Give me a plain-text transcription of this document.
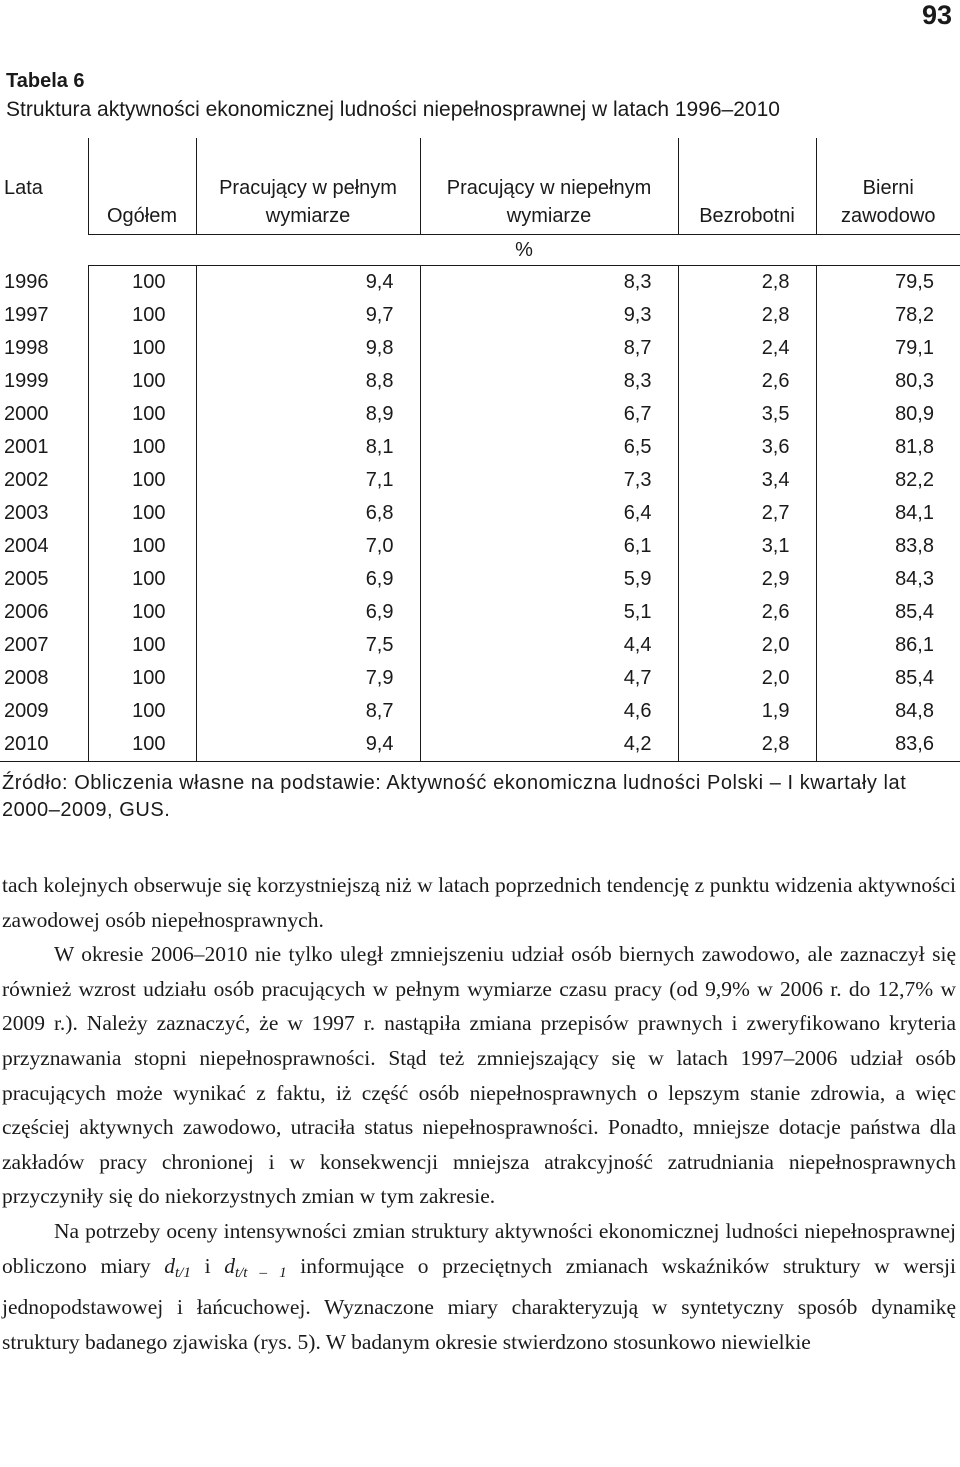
93
Tabela 6
Struktura aktywności ekonomicznej ludności niepełnosprawnej w latach 1996–2010
Lata	Ogółem	Pracujący w pełnym wymiarze	Pracujący w niepełnym wymiarze	Bezrobotni	Bierni zawodowo
	%				
1996	100	9,4	8,3	2,8	79,5
1997	100	9,7	9,3	2,8	78,2
1998	100	9,8	8,7	2,4	79,1
1999	100	8,8	8,3	2,6	80,3
2000	100	8,9	6,7	3,5	80,9
2001	100	8,1	6,5	3,6	81,8
2002	100	7,1	7,3	3,4	82,2
2003	100	6,8	6,4	2,7	84,1
2004	100	7,0	6,1	3,1	83,8
2005	100	6,9	5,9	2,9	84,3
2006	100	6,9	5,1	2,6	85,4
2007	100	7,5	4,4	2,0	86,1
2008	100	7,9	4,7	2,0	85,4
2009	100	8,7	4,6	1,9	84,8
2010	100	9,4	4,2	2,8	83,6
Źródło: Obliczenia własne na podstawie: Aktywność ekonomiczna ludności Polski – I kwartały lat 2000–2009, GUS.

tach kolejnych obserwuje się korzystniejszą niż w latach poprzednich tendencję z punktu widzenia aktywności zawodowej osób niepełnosprawnych.

W okresie 2006–2010 nie tylko uległ zmniejszeniu udział osób biernych zawodowo, ale zaznaczył się również wzrost udziału osób pracujących w pełnym wymiarze czasu pracy (od 9,9% w 2006 r. do 12,7% w 2009 r.). Należy zaznaczyć, że w 1997 r. nastąpiła zmiana przepisów prawnych i zweryfikowano kryteria przyznawania stopni niepełnosprawności. Stąd też zmniejszający się w latach 1997–2006 udział osób pracujących może wynikać z faktu, iż część osób niepełnosprawnych o lepszym stanie zdrowia, a więc częściej aktywnych zawodowo, utraciła status niepełnosprawności. Ponadto, mniejsze dotacje państwa dla zakładów pracy chronionej i w konsekwencji mniejsza atrakcyjność zatrudniania niepełnosprawnych przyczyniły się do niekorzystnych zmian w tym zakresie.

Na potrzeby oceny intensywności zmian struktury aktywności ekonomicznej ludności niepełnosprawnej obliczono miary $d_{t/1}$ i $d_{t/t - 1}$ informujące o przeciętnych zmianach wskaźników struktury w wersji jednopodstawowej i łańcuchowej. Wyznaczone miary charakteryzują w syntetyczny sposób dynamikę struktury badanego zjawiska (rys. 5). W badanym okresie stwierdzono stosunkowo niewielkie
